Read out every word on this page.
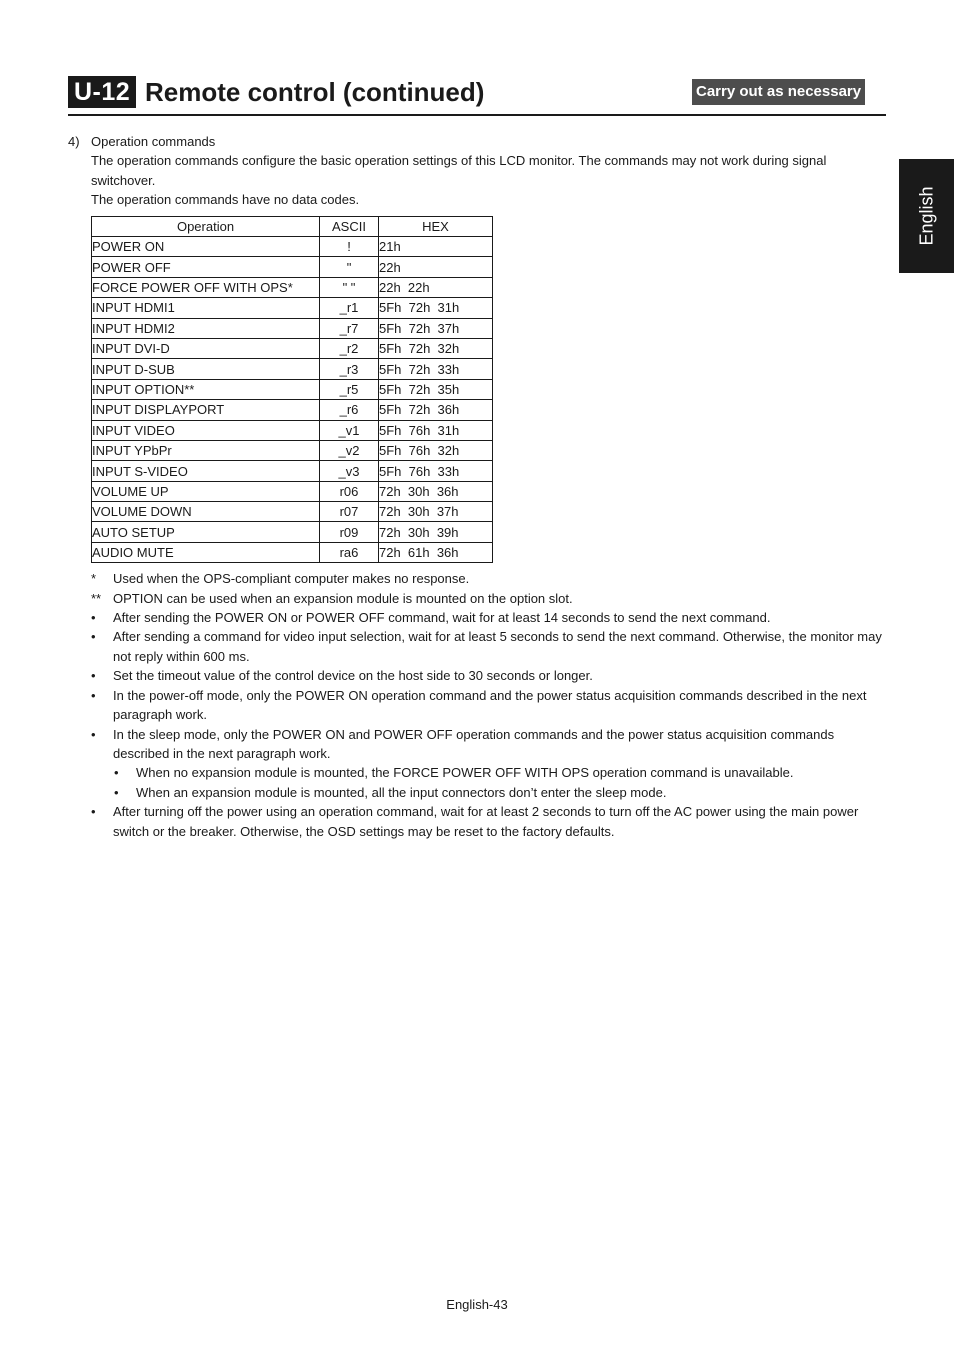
U-12 Remote control (continued)	Carry out as necessary
English
4) Operation commands
The operation commands configure the basic operation settings of this LCD monitor. The commands may not work during signal switchover.
The operation commands have no data codes.
Operation	ASCII	HEX
POWER ON	!	21h
POWER OFF	"	22h
FORCE POWER OFF WITH OPS*	" "	22h  22h
INPUT HDMI1	_r1	5Fh  72h  31h
INPUT HDMI2	_r7	5Fh  72h  37h
INPUT DVI-D	_r2	5Fh  72h  32h
INPUT D-SUB	_r3	5Fh  72h  33h
INPUT OPTION**	_r5	5Fh  72h  35h
INPUT DISPLAYPORT	_r6	5Fh  72h  36h
INPUT VIDEO	_v1	5Fh  76h  31h
INPUT YPbPr	_v2	5Fh  76h  32h
INPUT S-VIDEO	_v3	5Fh  76h  33h
VOLUME UP	r06	72h  30h  36h
VOLUME DOWN	r07	72h  30h  37h
AUTO SETUP	r09	72h  30h  39h
AUDIO MUTE	ra6	72h  61h  36h
* Used when the OPS-compliant computer makes no response.
** OPTION can be used when an expansion module is mounted on the option slot.
• After sending the POWER ON or POWER OFF command, wait for at least 14 seconds to send the next command.
• After sending a command for video input selection, wait for at least 5 seconds to send the next command. Otherwise, the monitor may not reply within 600 ms.
• Set the timeout value of the control device on the host side to 30 seconds or longer.
• In the power-off mode, only the POWER ON operation command and the power status acquisition commands described in the next paragraph work.
• In the sleep mode, only the POWER ON and POWER OFF operation commands and the power status acquisition commands described in the next paragraph work.
• When no expansion module is mounted, the FORCE POWER OFF WITH OPS operation command is unavailable.
• When an expansion module is mounted, all the input connectors don’t enter the sleep mode.
• After turning off the power using an operation command, wait for at least 2 seconds to turn off the AC power using the main power switch or the breaker. Otherwise, the OSD settings may be reset to the factory defaults.
English-43
